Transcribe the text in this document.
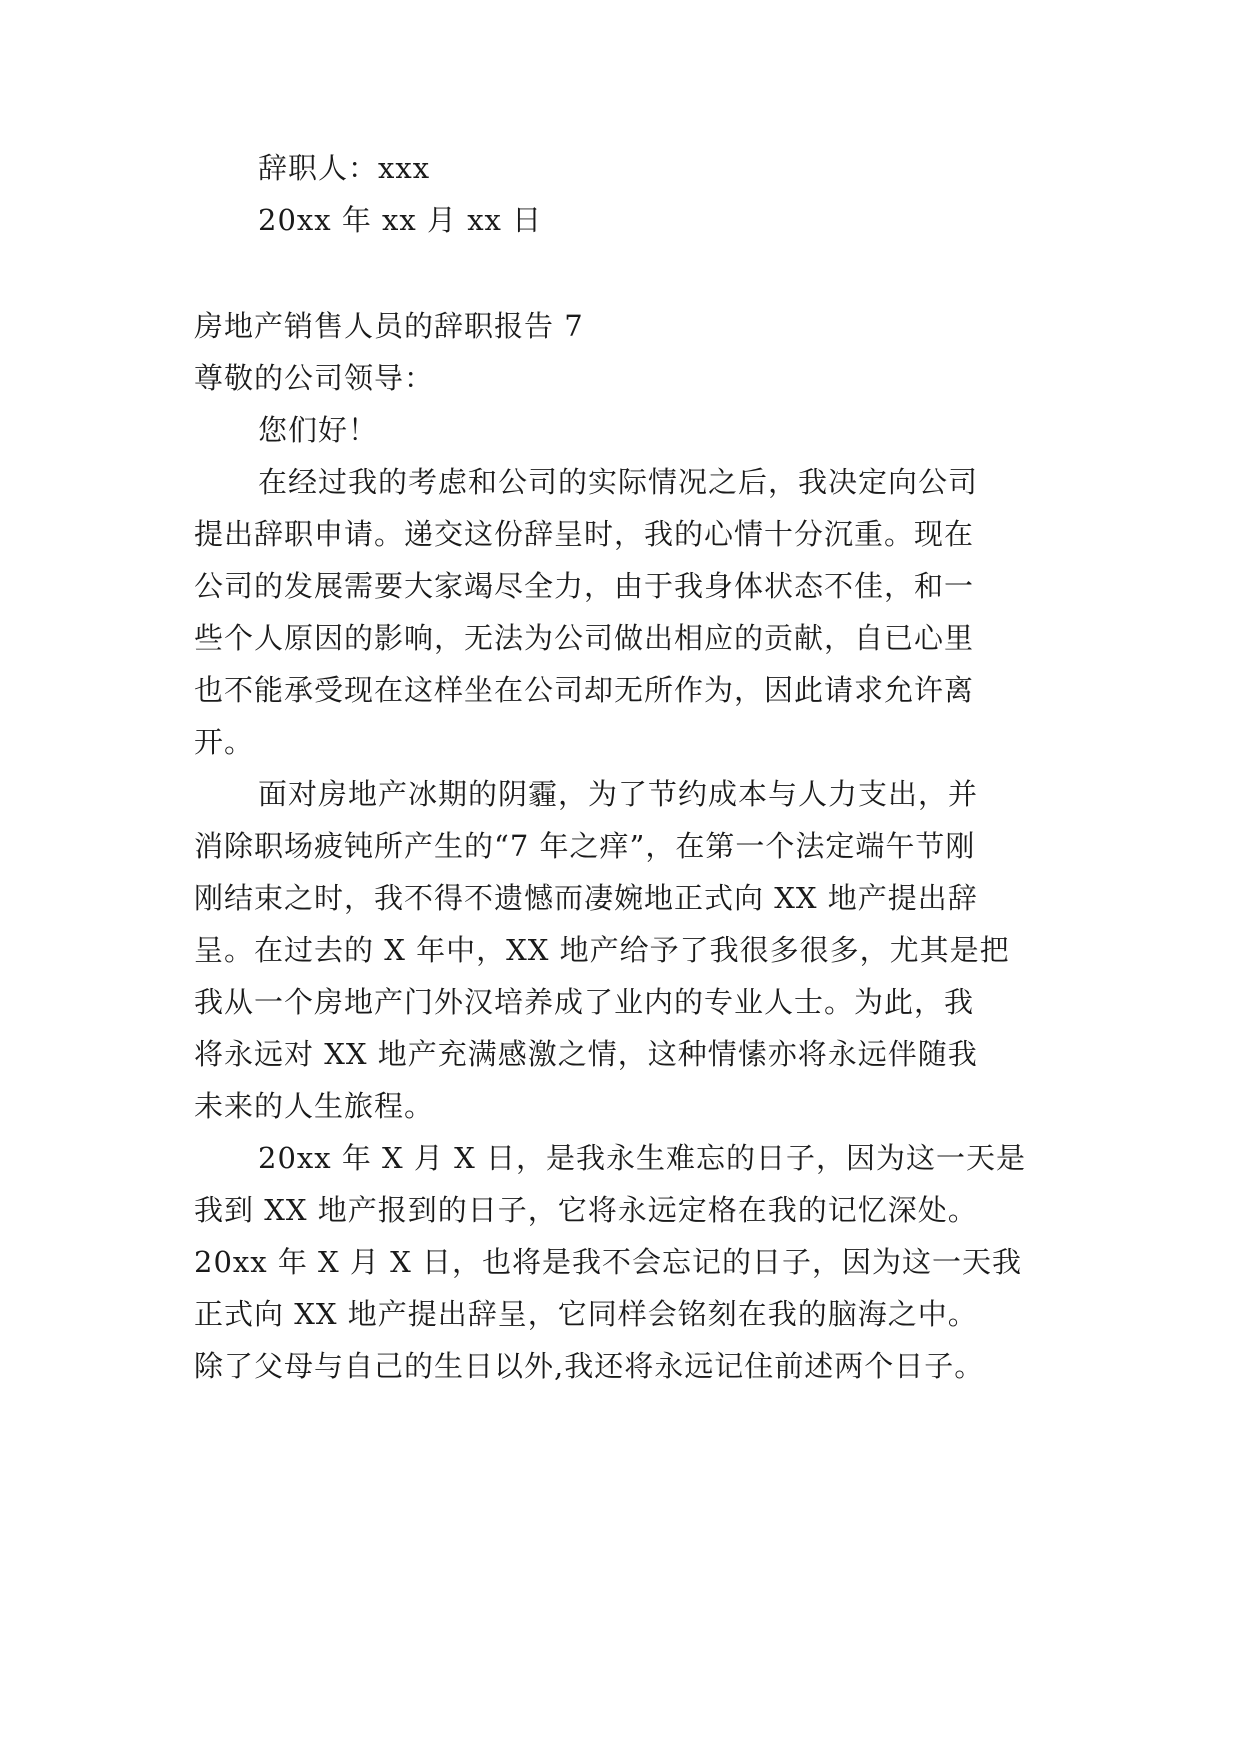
辞职人：xxx
20xx 年 xx 月 xx 日
房地产销售人员的辞职报告 7
尊敬的公司领导：
您们好！
在经过我的考虑和公司的实际情况之后，我决定向公司
提出辞职申请。递交这份辞呈时，我的心情十分沉重。现在
公司的发展需要大家竭尽全力，由于我身体状态不佳，和一
些个人原因的影响，无法为公司做出相应的贡献，自已心里
也不能承受现在这样坐在公司却无所作为，因此请求允许离
开。
面对房地产冰期的阴霾，为了节约成本与人力支出，并
消除职场疲钝所产生的“7 年之痒”，在第一个法定端午节刚
刚结束之时，我不得不遗憾而凄婉地正式向 XX 地产提出辞
呈。在过去的 X 年中，XX 地产给予了我很多很多，尤其是把
我从一个房地产门外汉培养成了业内的专业人士。为此，我
将永远对 XX 地产充满感激之情，这种情愫亦将永远伴随我
未来的人生旅程。
20xx 年 X 月 X 日，是我永生难忘的日子，因为这一天是
我到 XX 地产报到的日子，它将永远定格在我的记忆深处。
20xx 年 X 月 X 日，也将是我不会忘记的日子，因为这一天我
正式向 XX 地产提出辞呈，它同样会铭刻在我的脑海之中。
除了父母与自己的生日以外,我还将永远记住前述两个日子。
